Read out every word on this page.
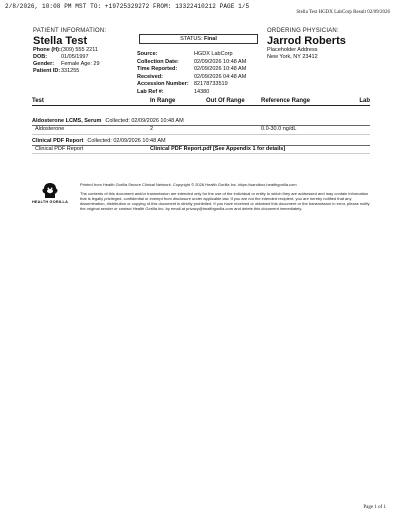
2/8/2026, 10:08 PM MST TO: +19725329272 FROM: 13322410212 PAGE 1/5
Stella Test HGDX LabCorp Result 02/09/2026
PATIENT INFORMATION:
Stella Test
Phone (H): (309) 555 2211
DOB:	01/05/1997
Gender:	Female Age: 29
Patient ID: 331255
STATUS: Final
Source:	HGDX LabCorp
Collection Date:	02/09/2026 10:48 AM
Time Reported:	02/09/2026 10:48 AM
Received:	02/09/2026 04:48 AM
Accession Number: 82178733519
Lab Ref #:	14380
ORDERING PHYSICIAN:
Jarrod Roberts
Placeholder Address
New York, NY 23412
Test	In Range	Out Of Range	Reference Range	Lab
Aldosterone LCMS, Serum Collected: 02/09/2026 10:48 AM
Aldosterone	2	0.0-30.0 ng/dL
Clinical PDF Report Collected: 02/09/2026 10:48 AM
Clinical PDF Report	Clinical PDF Report.pdf [See Appendix 1 for details]
HEALTH GORILLA

Printed from Health Gorilla Secure Clinical Network. Copyright © 2026 Health Gorilla Inc. https://sandbox.healthgorilla.com

The contents of this document and/or transmission are intended only for the use of the individual or entity to which they are addressed and may contain information that is legally privileged, confidential or exempt from disclosure under applicable law. If you are not the intended recipient, you are hereby notified that any dissemination, distribution or copying of this document is strictly prohibited. If you have received or obtained this document or the transmission in error, please notify the original sender or contact Health Gorilla Inc. by email at privacy@healthgorilla.com and delete this document immediately.

Page 1 of 1
